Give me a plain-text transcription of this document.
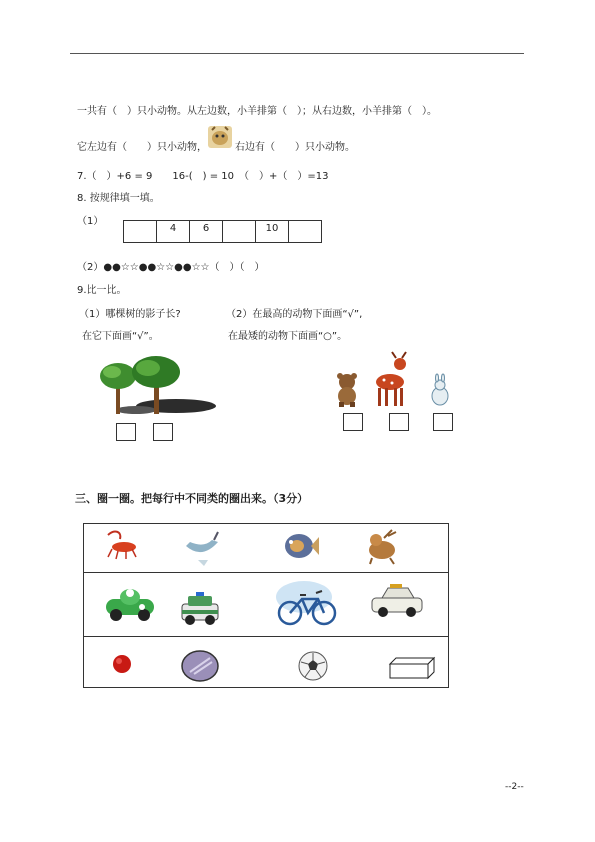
一共有（　）只小动物。从左边数，小羊排第（　）；从右边数，小羊排第（　）。
它左边有（　　）只小动物，	右边有（　　）只小动物。
7.（　）+6 = 9　　16-(　) = 10　（　）+（　）=13
8. 按规律填一填。
（1）
	4	6		10	
（2）●●☆☆●●☆☆●●☆☆（　）（　）
9.比一比。
（1）哪棵树的影子长?
在它下面画“√”。
（2）在最高的动物下面画“√”,
在最矮的动物下面画“○”。
三、圈一圈。把每行中不同类的圈出来。（3分）
--2--
